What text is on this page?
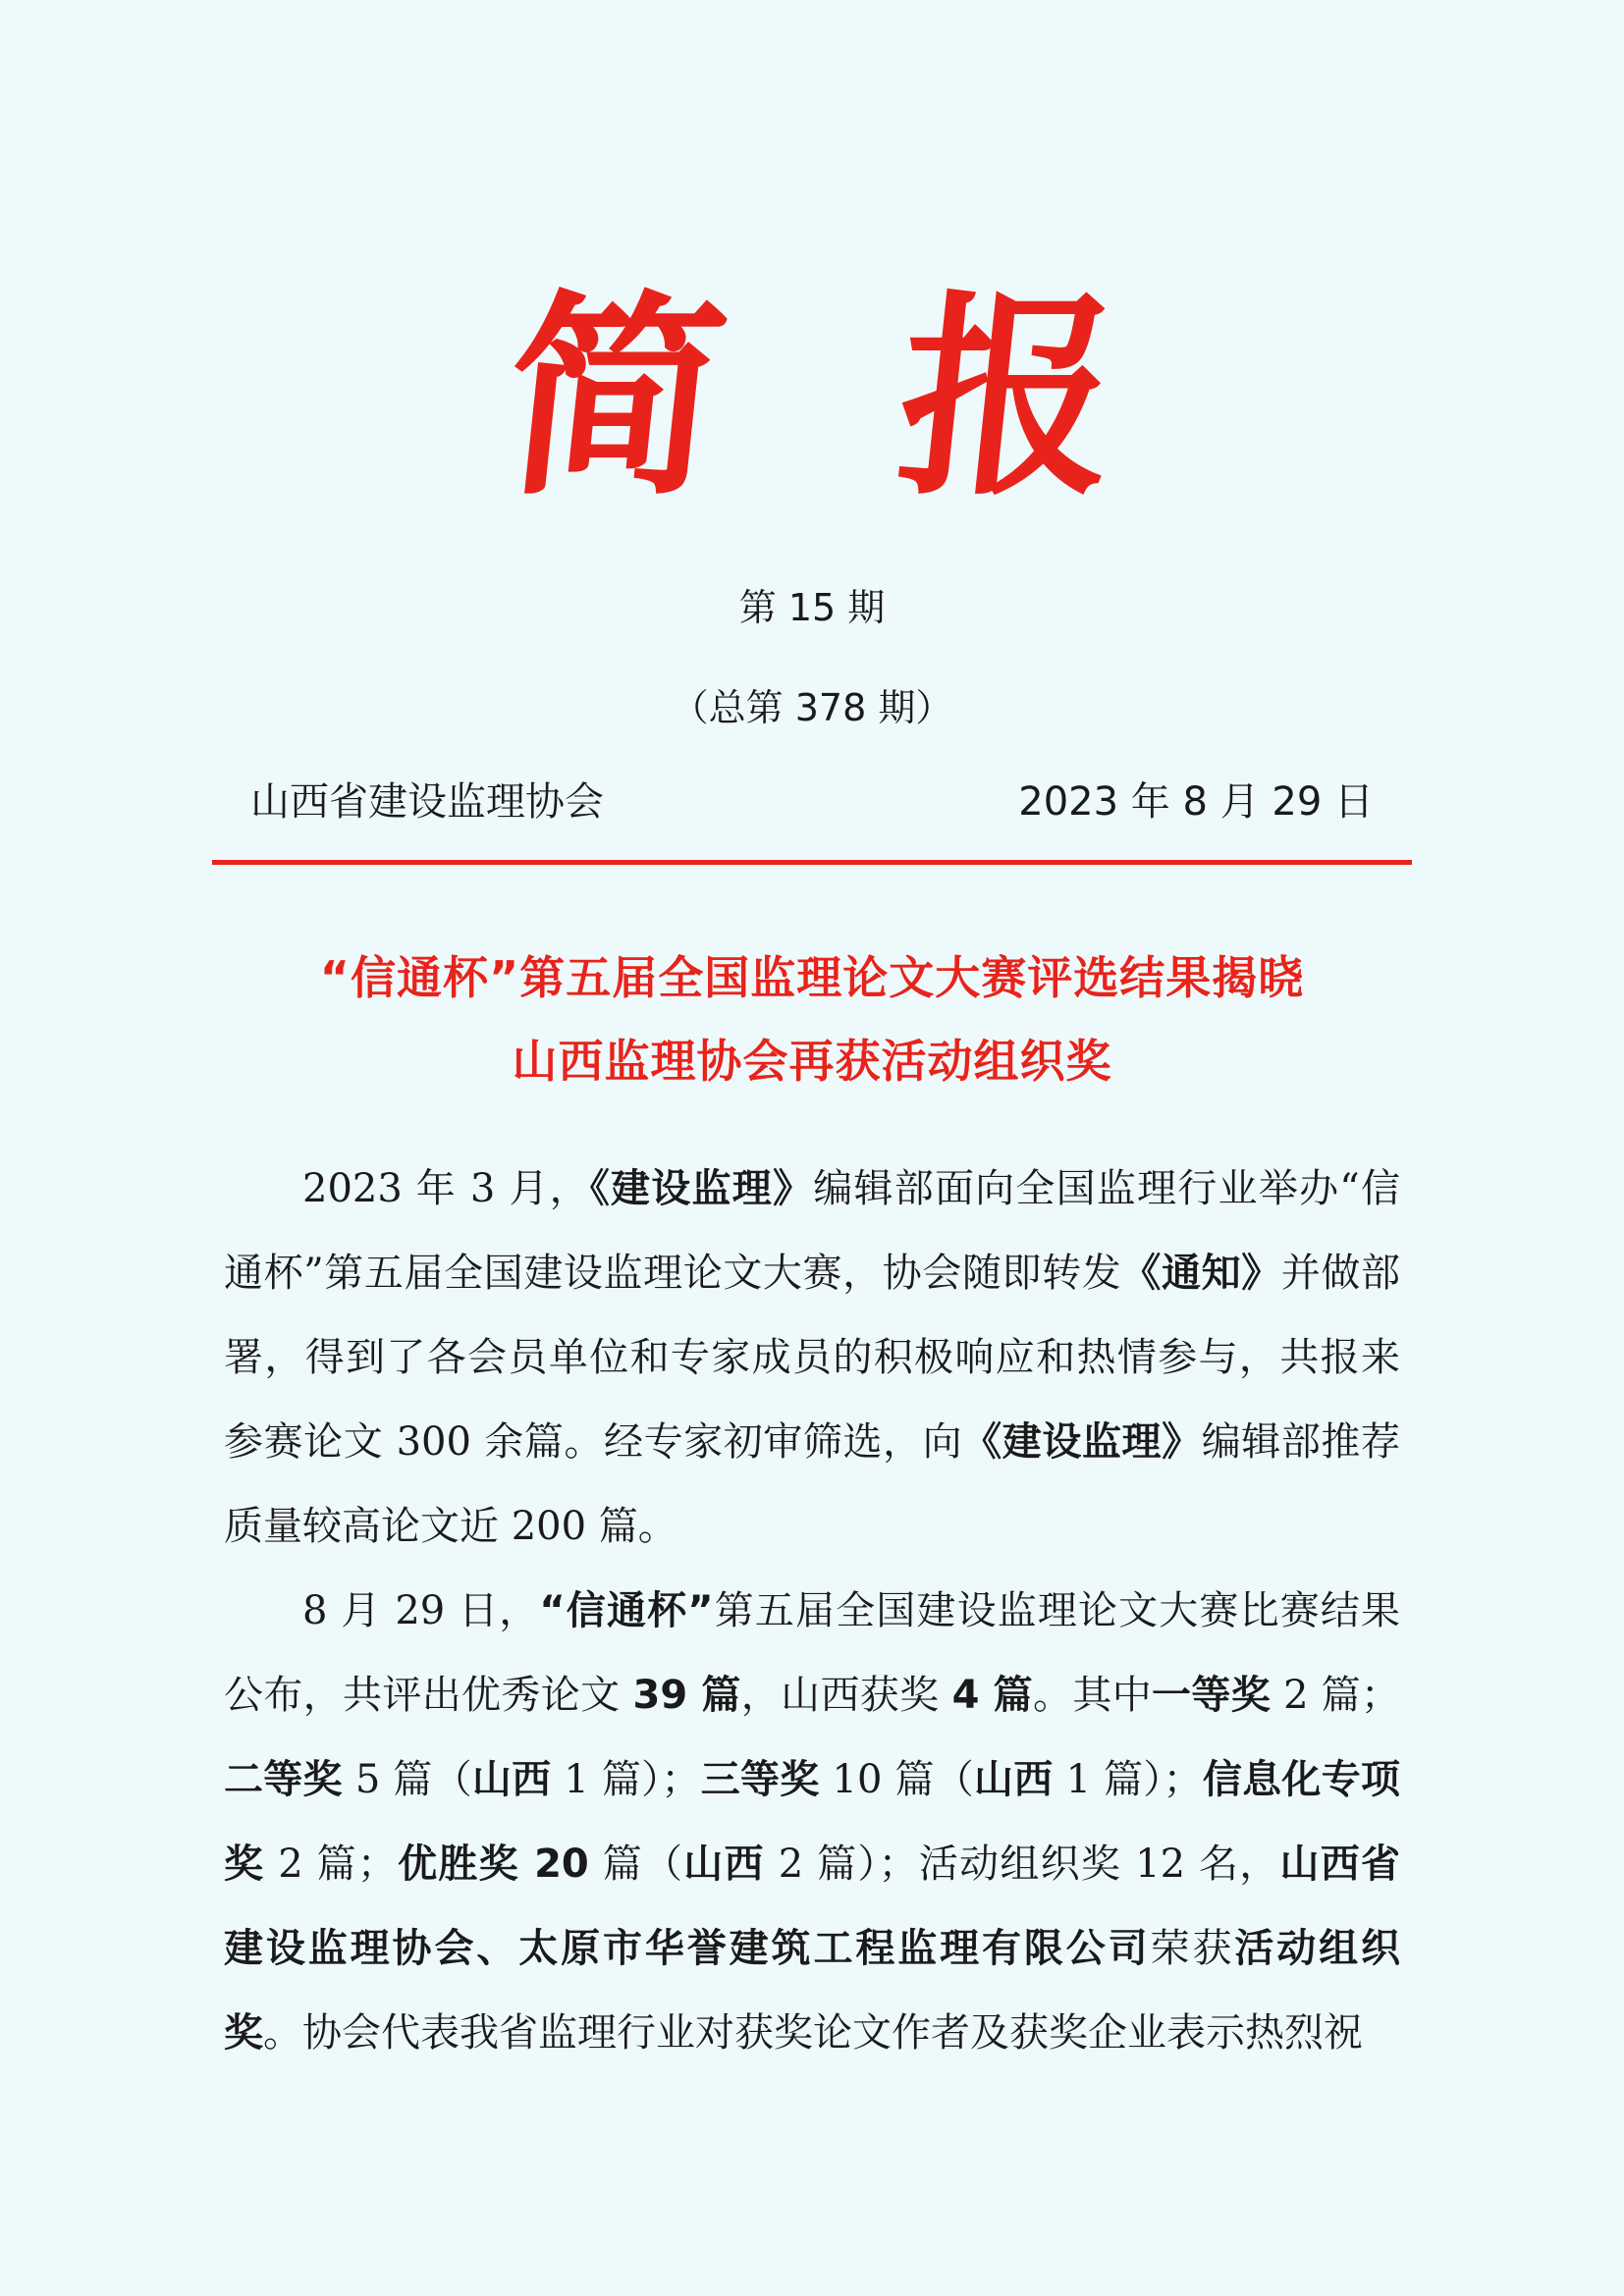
简 报
第 15 期
（总第 378 期）
山西省建设监理协会	2023 年 8 月 29 日
“信通杯”第五届全国监理论文大赛评选结果揭晓
山西监理协会再获活动组织奖

2023 年 3 月，《建设监理》编辑部面向全国监理行业举办“信通杯”第五届全国建设监理论文大赛，协会随即转发《通知》并做部署，得到了各会员单位和专家成员的积极响应和热情参与，共报来参赛论文 300 余篇。经专家初审筛选，向《建设监理》编辑部推荐质量较高论文近 200 篇。

8 月 29 日，“信通杯”第五届全国建设监理论文大赛比赛结果公布，共评出优秀论文 39 篇，山西获奖 4 篇。其中一等奖 2 篇；二等奖 5 篇（山西 1 篇）；三等奖 10 篇（山西 1 篇）；信息化专项奖 2 篇；优胜奖 20 篇（山西 2 篇）；活动组织奖 12 名，山西省建设监理协会、太原市华誉建筑工程监理有限公司荣获活动组织奖。协会代表我省监理行业对获奖论文作者及获奖企业表示热烈祝
